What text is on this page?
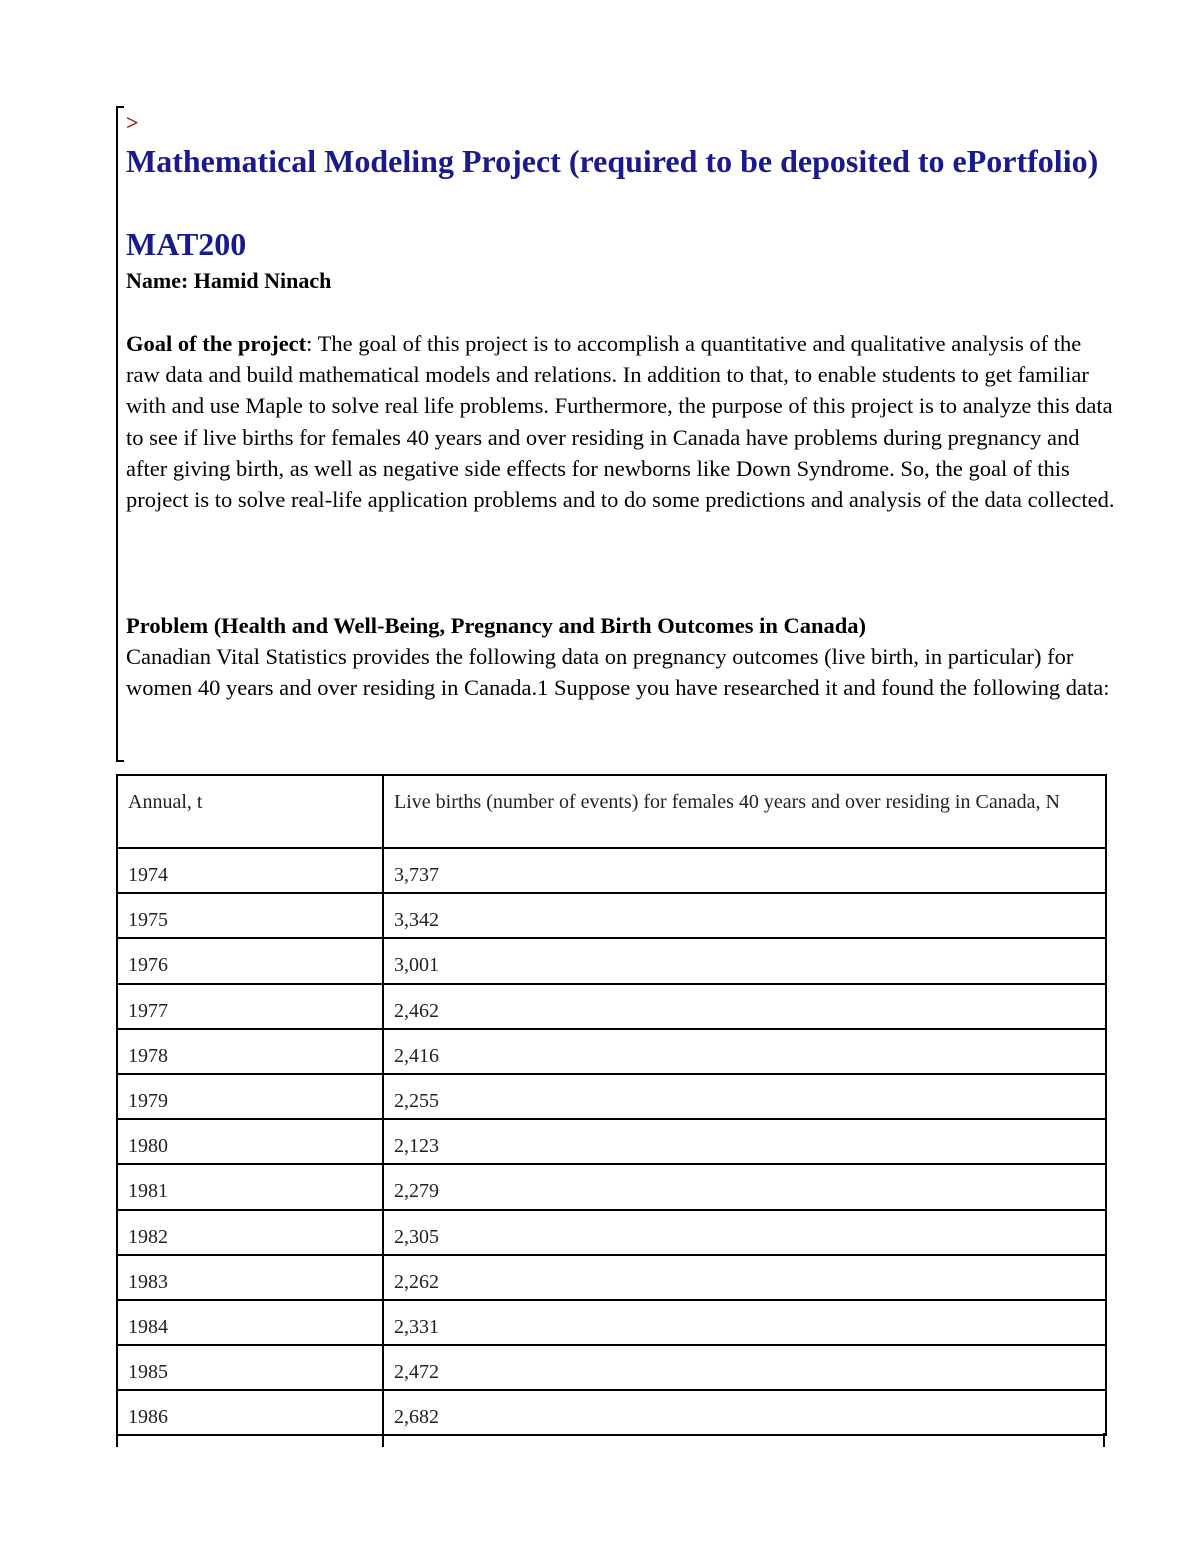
>
Mathematical Modeling Project (required to be deposited to ePortfolio)
MAT200

Name: Hamid Ninach

Goal of the project: The goal of this project is to accomplish a quantitative and qualitative analysis of the raw data and build mathematical models and relations. In addition to that, to enable students to get familiar with and use Maple to solve real life problems. Furthermore, the purpose of this project is to analyze this data to see if live births for females 40 years and over residing in Canada have problems during pregnancy and after giving birth, as well as negative side effects for newborns like Down Syndrome. So, the goal of this project is to solve real-life application problems and to do some predictions and analysis of the data collected.

Problem (Health and Well-Being, Pregnancy and Birth Outcomes in Canada)
Canadian Vital Statistics provides the following data on pregnancy outcomes (live birth, in particular) for women 40 years and over residing in Canada.1 Suppose you have researched it and found the following data:

Annual, t	Live births (number of events) for females 40 years and over residing in Canada, N
1974	3,737
1975	3,342
1976	3,001
1977	2,462
1978	2,416
1979	2,255
1980	2,123
1981	2,279
1982	2,305
1983	2,262
1984	2,331
1985	2,472
1986	2,682
